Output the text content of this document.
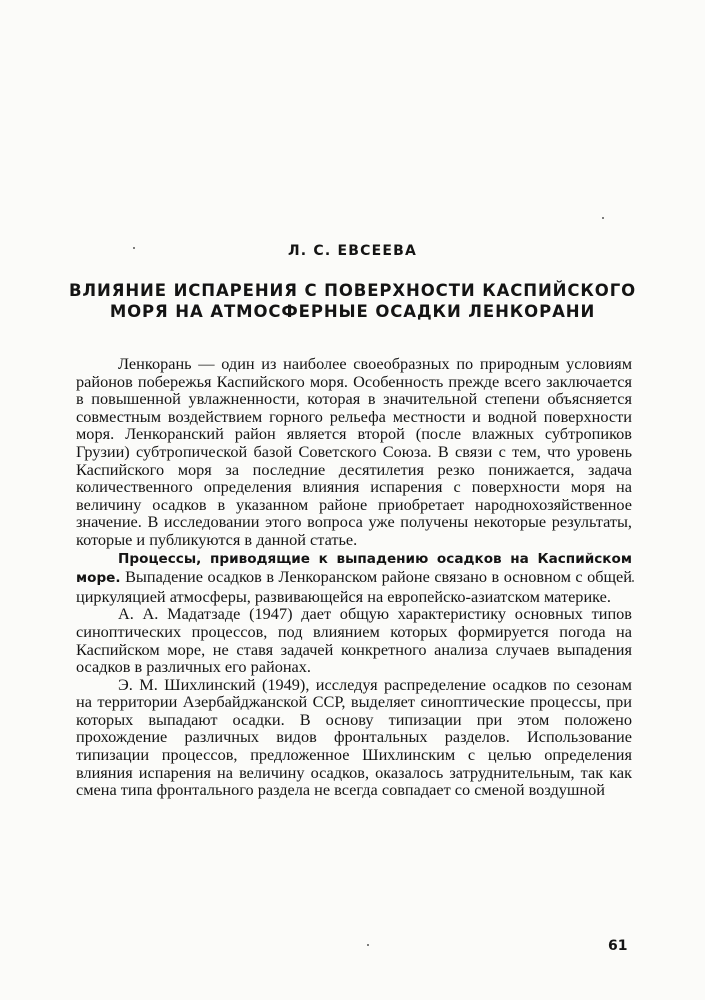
Л. С. ЕВСЕЕВА
ВЛИЯНИЕ ИСПАРЕНИЯ С ПОВЕРХНОСТИ КАСПИЙСКОГО
МОРЯ НА АТМОСФЕРНЫЕ ОСАДКИ ЛЕНКОРАНИ

Ленкорань — один из наиболее своеобразных по природным условиям районов побережья Каспийского моря. Особенность прежде всего заключается в повышенной увлажненности, которая в значительной степени объясняется совместным воздействием горного рельефа местности и водной поверхности моря. Ленкоранский район является второй (после влажных субтропиков Грузии) субтропической базой Советского Союза. В связи с тем, что уровень Каспийского моря за последние десятилетия резко понижается, задача количественного определения влияния испарения с поверхности моря на величину осадков в указанном районе приобретает народнохозяйственное значение. В исследовании этого вопроса уже получены некоторые результаты, которые и публикуются в данной статье.

Процессы, приводящие к выпадению осадков на Каспийском море. Выпадение осадков в Ленкоранском районе связано в основном с общей циркуляцией атмосферы, развивающейся на европейско-азиатском материке.

А. А. Мадатзаде (1947) дает общую характеристику основных типов синоптических процессов, под влиянием которых формируется погода на Каспийском море, не ставя задачей конкретного анализа случаев выпадения осадков в различных его районах.

Э. М. Шихлинский (1949), исследуя распределение осадков по сезонам на территории Азербайджанской ССР, выделяет синоптические процессы, при которых выпадают осадки. В основу типизации при этом положено прохождение различных видов фронтальных разделов. Использование типизации процессов, предложенное Шихлинским с целью определения влияния испарения на величину осадков, оказалось затруднительным, так как смена типа фронтального раздела не всегда совпадает со сменой воздушной

61
